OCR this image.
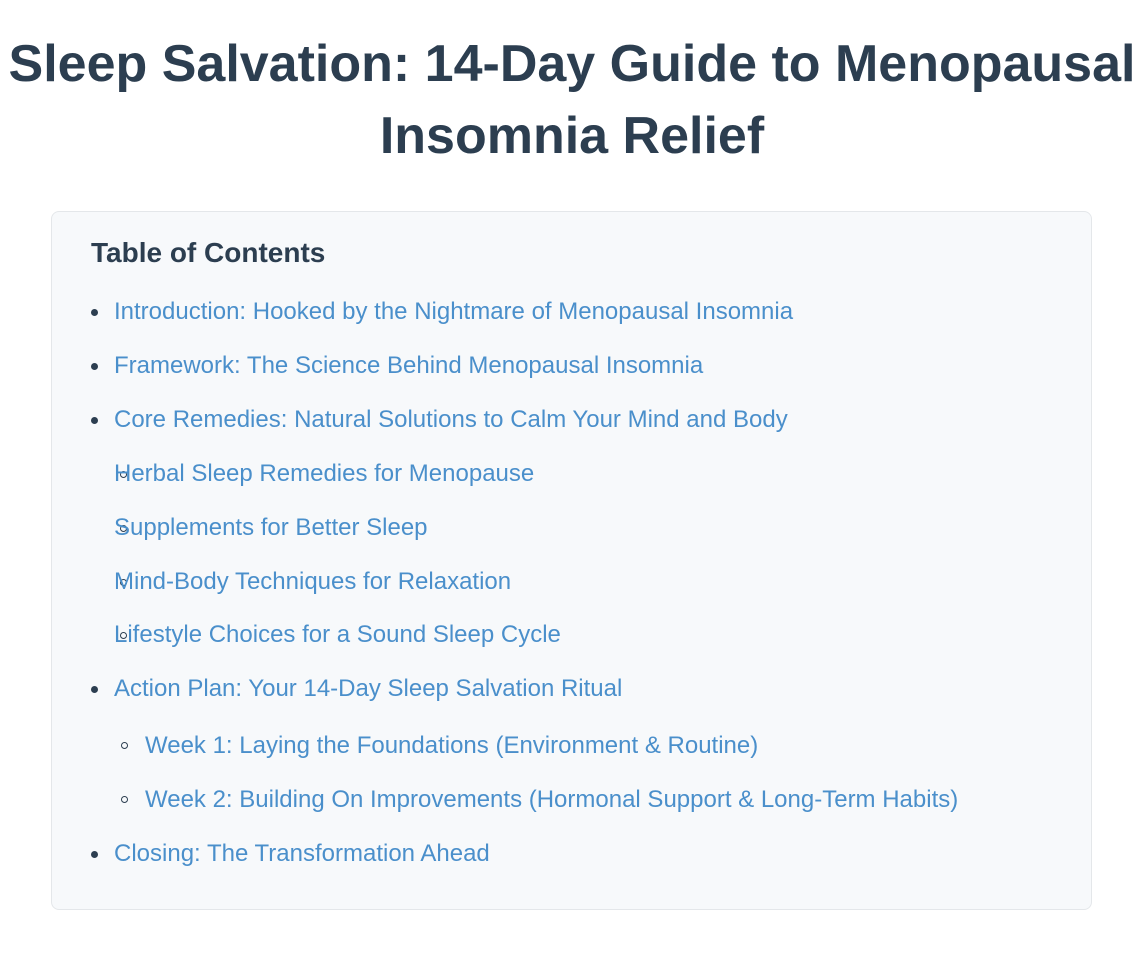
Sleep Salvation: 14-Day Guide to Menopausal Insomnia Relief
Table of Contents
Introduction: Hooked by the Nightmare of Menopausal Insomnia
Framework: The Science Behind Menopausal Insomnia
Core Remedies: Natural Solutions to Calm Your Mind and Body
Herbal Sleep Remedies for Menopause
Supplements for Better Sleep
Mind-Body Techniques for Relaxation
Lifestyle Choices for a Sound Sleep Cycle
Action Plan: Your 14-Day Sleep Salvation Ritual
Week 1: Laying the Foundations (Environment & Routine)
Week 2: Building On Improvements (Hormonal Support & Long-Term Habits)
Closing: The Transformation Ahead
